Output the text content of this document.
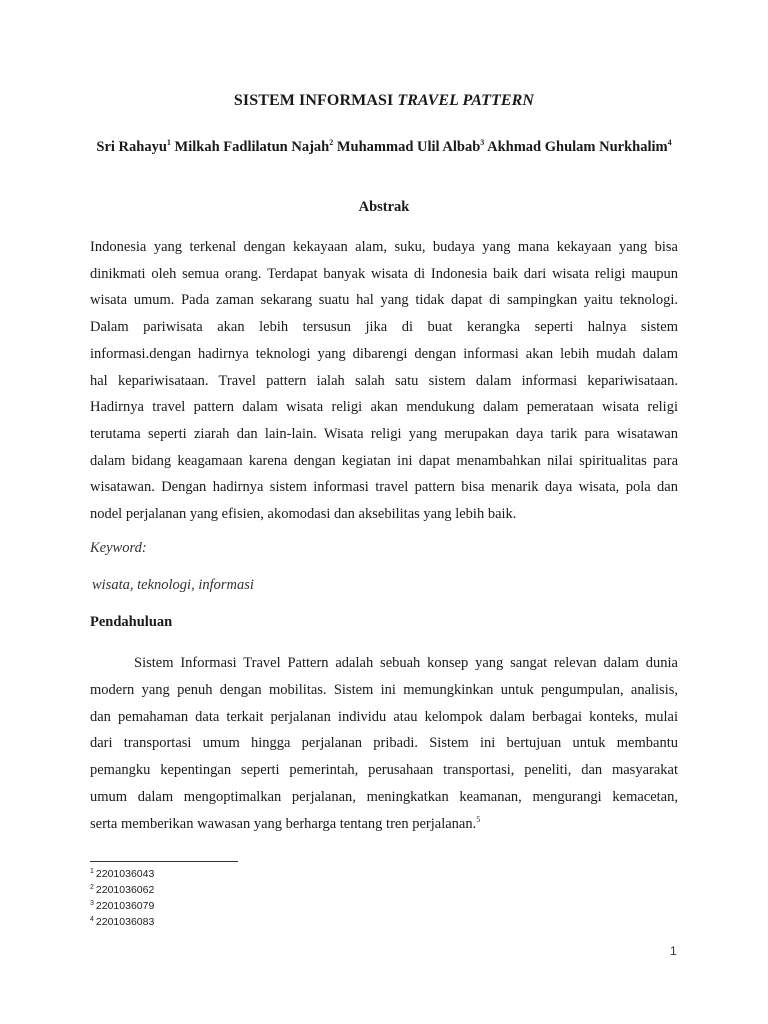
SISTEM INFORMASI TRAVEL PATTERN
Sri Rahayu$^1$ Milkah Fadlilatun Najah$^2$ Muhammad Ulil Albab$^3$ Akhmad Ghulam Nurkhalim$^4$
Abstrak
Indonesia yang terkenal dengan kekayaan alam, suku, budaya yang mana kekayaan yang bisa
dinikmati oleh semua orang. Terdapat banyak wisata di Indonesia baik dari wisata religi maupun
wisata umum. Pada zaman sekarang suatu hal yang tidak dapat di sampingkan yaitu teknologi.
Dalam pariwisata akan lebih tersusun jika di buat kerangka seperti halnya sistem
informasi.dengan hadirnya teknologi yang dibarengi dengan informasi akan lebih mudah dalam
hal kepariwisataan. Travel pattern ialah salah satu sistem dalam informasi kepariwisataan.
Hadirnya travel pattern dalam wisata religi akan mendukung dalam pemerataan wisata religi
terutama seperti ziarah dan lain-lain. Wisata religi yang merupakan daya tarik para wisatawan
dalam bidang keagamaan karena dengan kegiatan ini dapat menambahkan nilai spiritualitas para
wisatawan. Dengan hadirnya sistem informasi travel pattern bisa menarik daya wisata, pola dan
nodel perjalanan yang efisien, akomodasi dan aksebilitas yang lebih baik.
Keyword:
wisata, teknologi, informasi
Pendahuluan
Sistem Informasi Travel Pattern adalah sebuah konsep yang sangat relevan dalam dunia
modern yang penuh dengan mobilitas. Sistem ini memungkinkan untuk pengumpulan, analisis,
dan pemahaman data terkait perjalanan individu atau kelompok dalam berbagai konteks, mulai
dari transportasi umum hingga perjalanan pribadi. Sistem ini bertujuan untuk membantu
pemangku kepentingan seperti pemerintah, perusahaan transportasi, peneliti, dan masyarakat
umum dalam mengoptimalkan perjalanan, meningkatkan keamanan, mengurangi kemacetan,
serta memberikan wawasan yang berharga tentang tren perjalanan.$^5$
$^1$ 2201036043
$^2$ 2201036062
$^3$ 2201036079
$^4$ 2201036083
1
